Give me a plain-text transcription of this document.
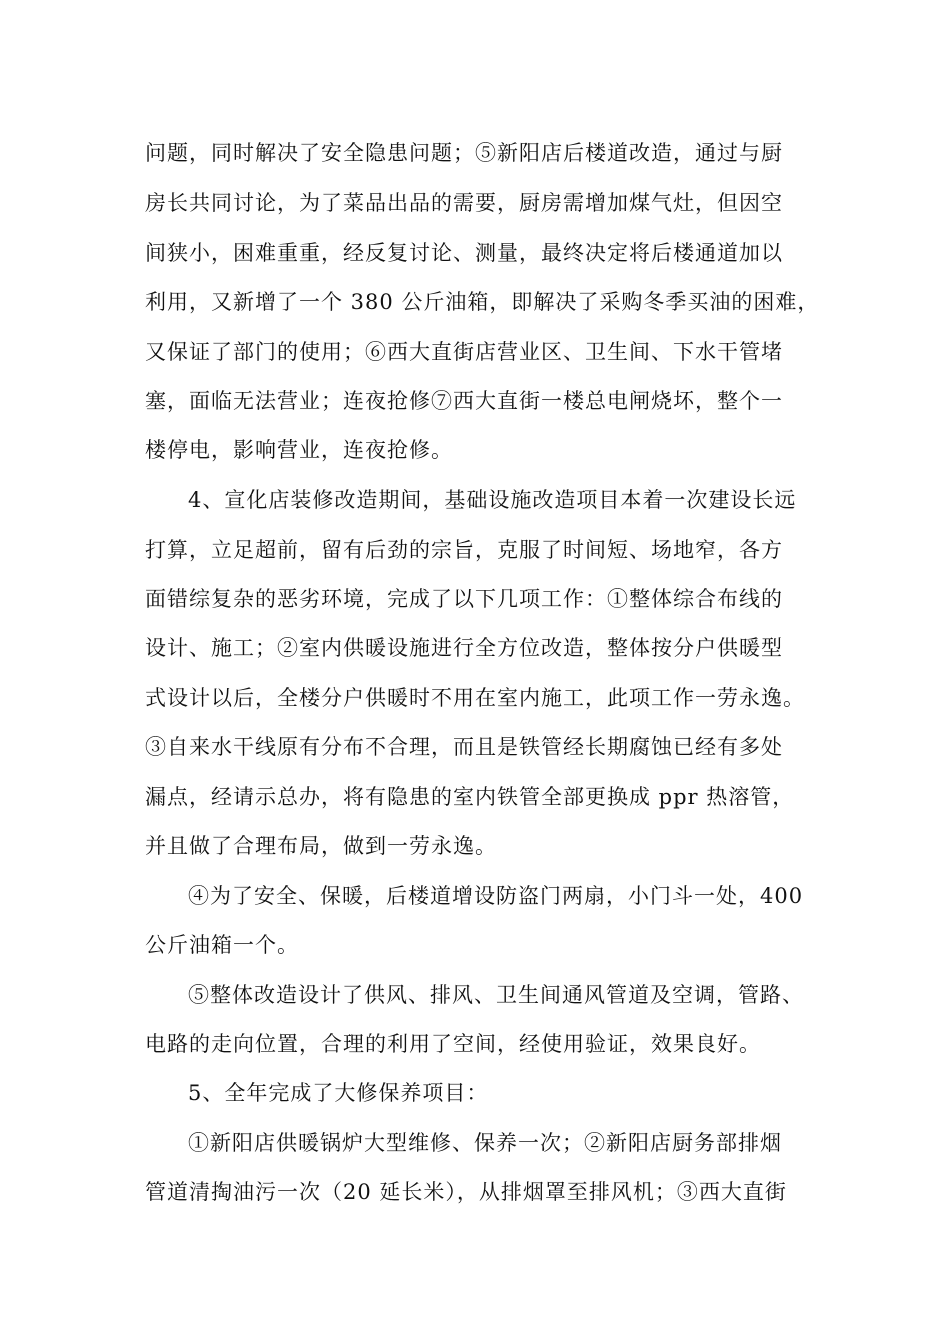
问题，同时解决了安全隐患问题；⑤新阳店后楼道改造，通过与厨
房长共同讨论，为了菜品出品的需要，厨房需增加煤气灶，但因空
间狭小，困难重重，经反复讨论、测量，最终决定将后楼通道加以
利用，又新增了一个 380 公斤油箱，即解决了采购冬季买油的困难，
又保证了部门的使用；⑥西大直街店营业区、卫生间、下水干管堵
塞，面临无法营业；连夜抢修⑦西大直街一楼总电闸烧坏，整个一
楼停电，影响营业，连夜抢修。
4、宣化店装修改造期间，基础设施改造项目本着一次建设长远
打算，立足超前，留有后劲的宗旨，克服了时间短、场地窄，各方
面错综复杂的恶劣环境，完成了以下几项工作：①整体综合布线的
设计、施工；②室内供暖设施进行全方位改造，整体按分户供暖型
式设计以后，全楼分户供暖时不用在室内施工，此项工作一劳永逸。
③自来水干线原有分布不合理，而且是铁管经长期腐蚀已经有多处
漏点，经请示总办，将有隐患的室内铁管全部更换成 ppr 热溶管，
并且做了合理布局，做到一劳永逸。
④为了安全、保暖，后楼道增设防盗门两扇，小门斗一处，400
公斤油箱一个。
⑤整体改造设计了供风、排风、卫生间通风管道及空调，管路、
电路的走向位置，合理的利用了空间，经使用验证，效果良好。
5、全年完成了大修保养项目：
①新阳店供暖锅炉大型维修、保养一次；②新阳店厨务部排烟
管道清掏油污一次（20 延长米），从排烟罩至排风机；③西大直街
